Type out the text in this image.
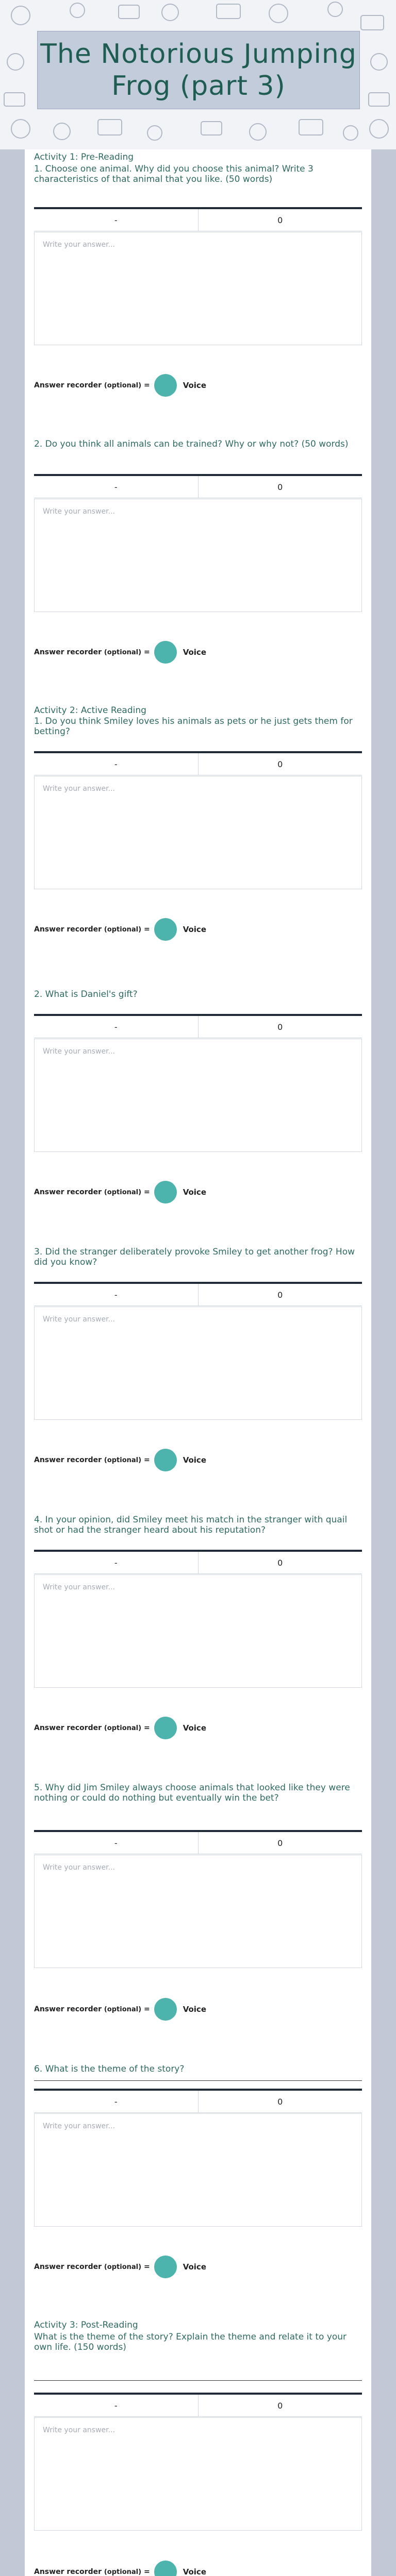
The Notorious Jumping Frog (part 3)
Activity 1: Pre-Reading
1. Choose one animal. Why did you choose this animal? Write 3 characteristics of that animal that you like. (50 words)
-	0
Write your answer...
Answer recorder (optional) =	Voice
2. Do you think all animals can be trained? Why or why not? (50 words)
-	0
Write your answer...
Answer recorder (optional) =	Voice
Activity 2: Active Reading
1. Do you think Smiley loves his animals as pets or he just gets them for betting?
-	0
Write your answer...
Answer recorder (optional) =	Voice
2. What is Daniel's gift?
-	0
Write your answer...
Answer recorder (optional) =	Voice
3. Did the stranger deliberately provoke Smiley to get another frog? How did you know?
-	0
Write your answer...
Answer recorder (optional) =	Voice
4. In your opinion, did Smiley meet his match in the stranger with quail shot or had the stranger heard about his reputation?
-	0
Write your answer...
Answer recorder (optional) =	Voice
5. Why did Jim Smiley always choose animals that looked like they were nothing or could do nothing but eventually win the bet?
-	0
Write your answer...
Answer recorder (optional) =	Voice
6. What is the theme of the story?
-	0
Write your answer...
Answer recorder (optional) =	Voice
Activity 3: Post-Reading
What is the theme of the story? Explain the theme and relate it to your own life. (150 words)
-	0
Write your answer...
Answer recorder (optional) =	Voice
